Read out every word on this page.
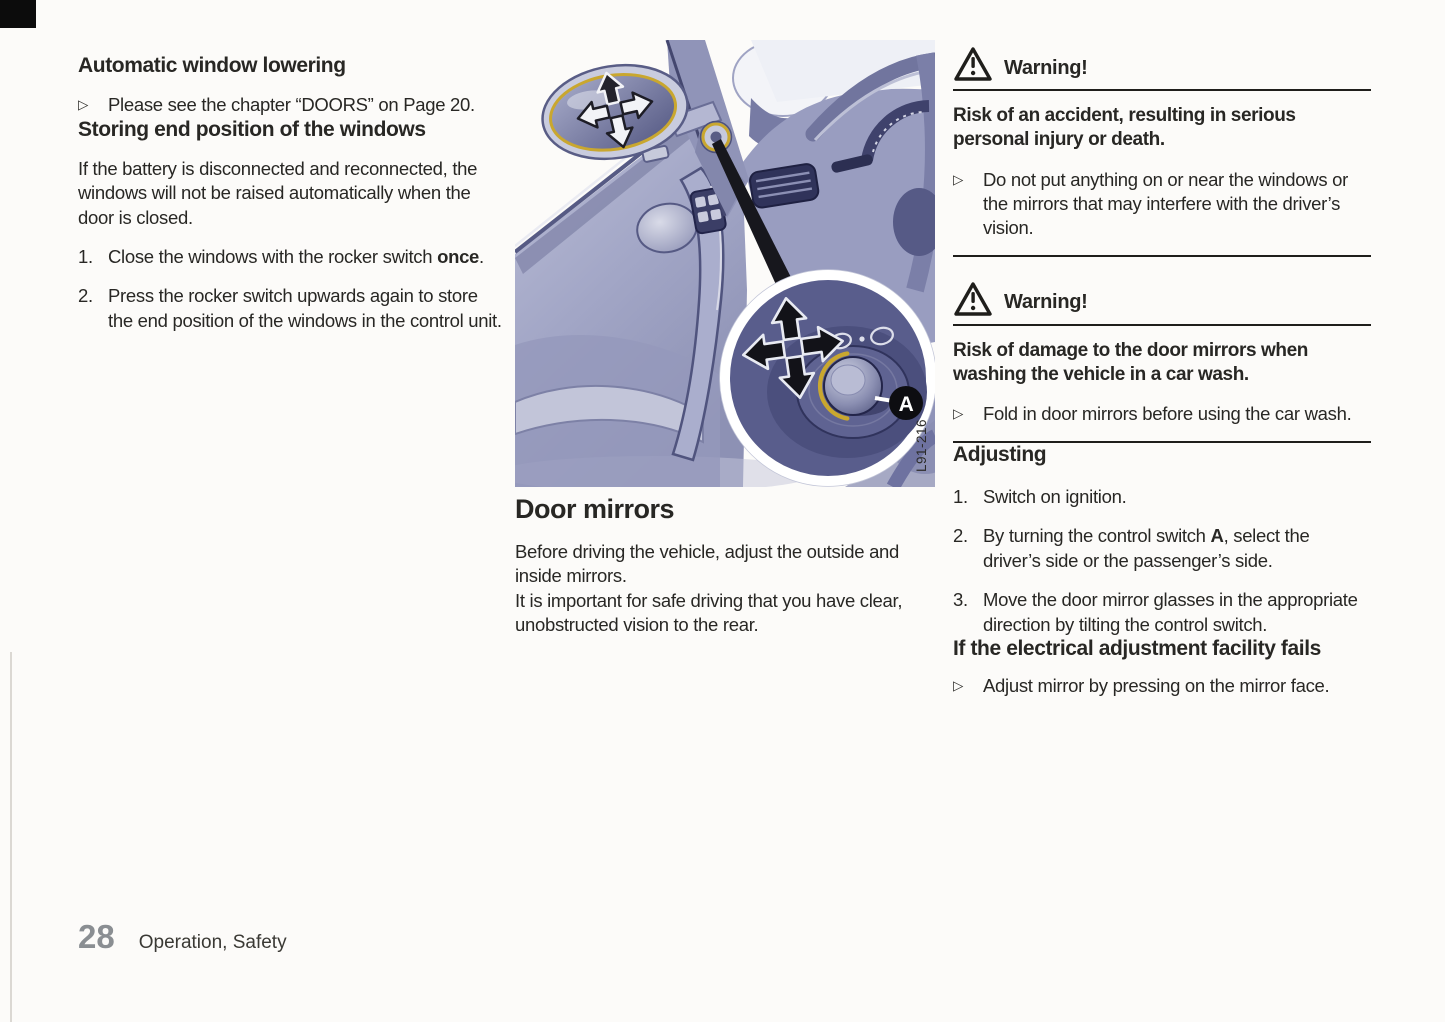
Automatic window lowering
▷	Please see the chapter “DOORS” on Page 20.
Storing end position of the windows
If the battery is disconnected and reconnected, the windows will not be raised automatically when the door is closed.
1. Close the windows with the rocker switch once.
2. Press the rocker switch upwards again to store the end position of the windows in the control unit.
A
L91-216
Door mirrors
Before driving the vehicle, adjust the outside and inside mirrors.
It is important for safe driving that you have clear, unobstructed vision to the rear.
Warning!
Risk of an accident, resulting in serious personal injury or death.
▷	Do not put anything on or near the windows or the mirrors that may interfere with the driver’s vision.
Warning!
Risk of damage to the door mirrors when washing the vehicle in a car wash.
▷	Fold in door mirrors before using the car wash.
Adjusting
1. Switch on ignition.
2. By turning the control switch A, select the driver’s side or the passenger’s side.
3. Move the door mirror glasses in the appropriate direction by tilting the control switch.
If the electrical adjustment facility fails
▷	Adjust mirror by pressing on the mirror face.
28 Operation, Safety
